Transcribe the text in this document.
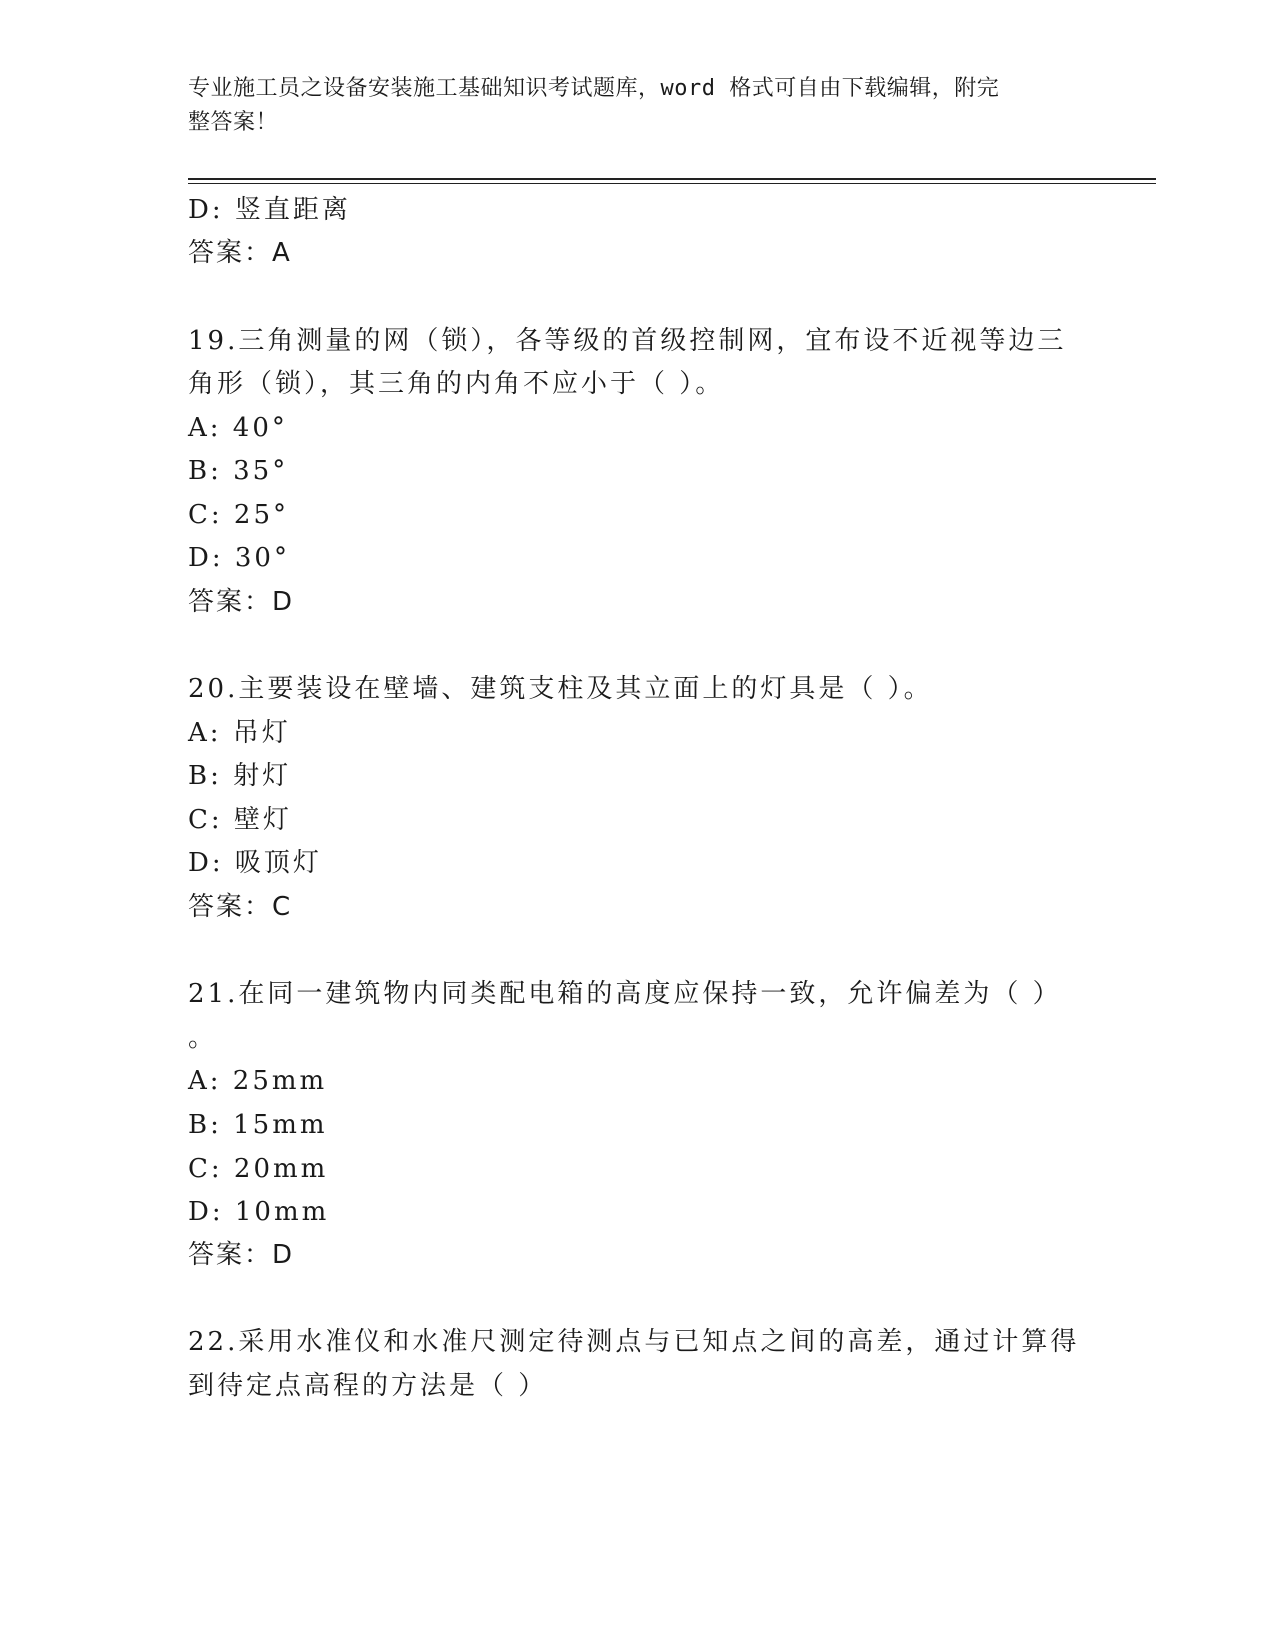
专业施工员之设备安装施工基础知识考试题库，word 格式可自由下载编辑，附完
整答案！
D: 竖直距离
答案：A
19.三角测量的网（锁），各等级的首级控制网，宜布设不近视等边三
角形（锁），其三角的内角不应小于（ ）。
A: 40°
B: 35°
C: 25°
D: 30°
答案：D
20.主要装设在壁墙、建筑支柱及其立面上的灯具是（ ）。
A: 吊灯
B: 射灯
C: 壁灯
D: 吸顶灯
答案：C
21.在同一建筑物内同类配电箱的高度应保持一致，允许偏差为（ ）
。
A: 25mm
B: 15mm
C: 20mm
D: 10mm
答案：D
22.采用水准仪和水准尺测定待测点与已知点之间的高差，通过计算得
到待定点高程的方法是（ ）
